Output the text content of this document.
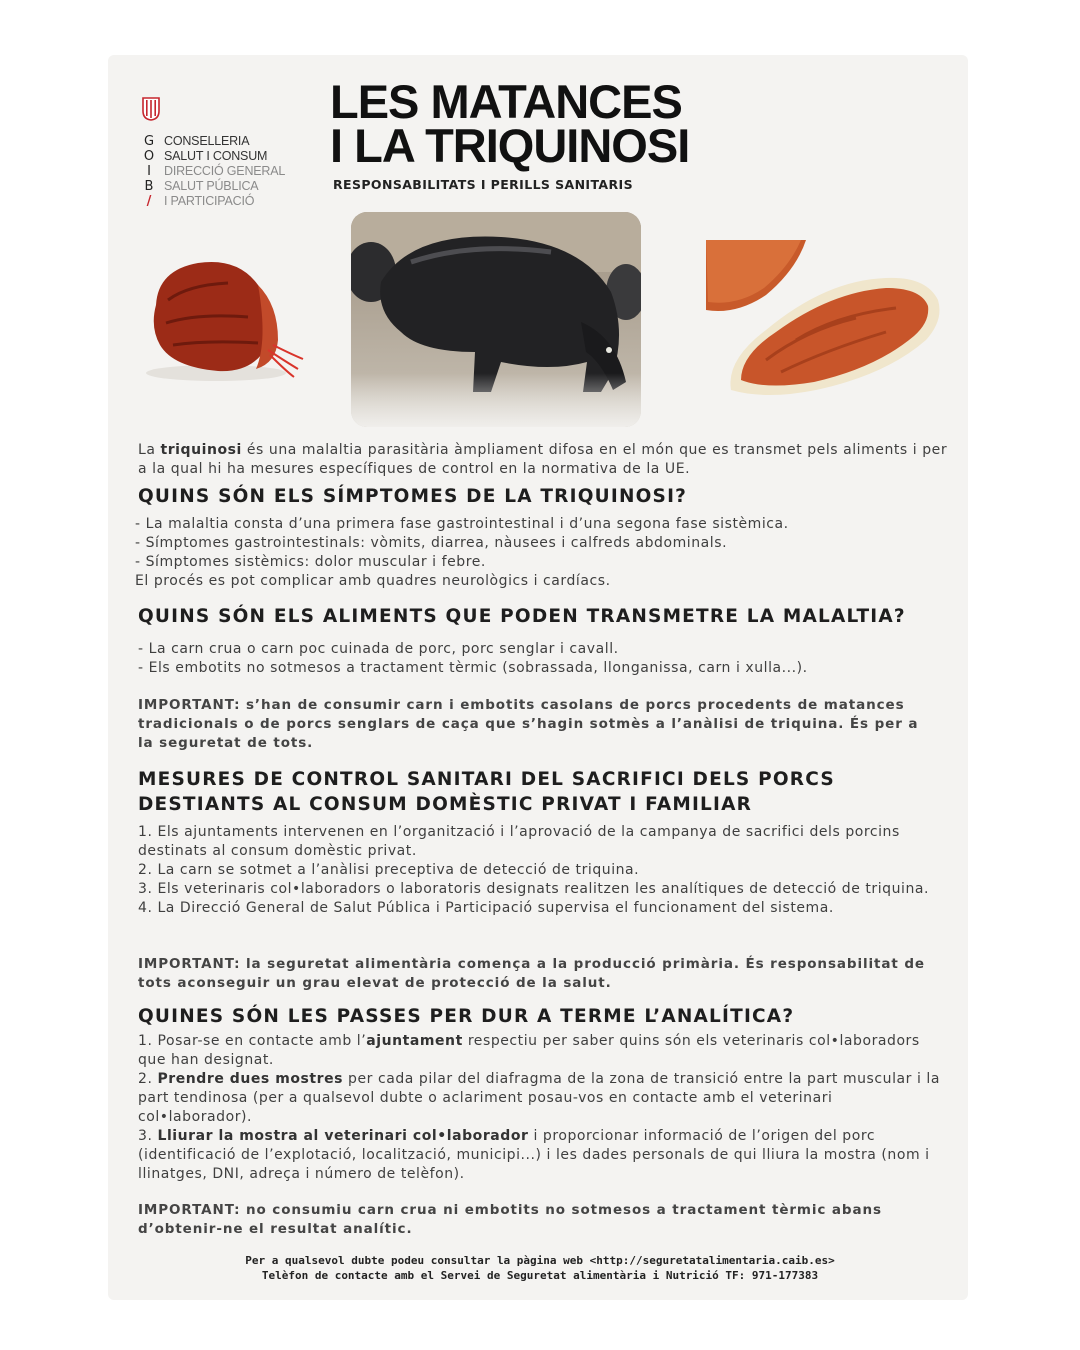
G
O
I
B
/
CONSELLERIA
SALUT I CONSUM
DIRECCIÓ GENERAL
SALUT PÚBLICA
I PARTICIPACIÓ
LES MATANCES
I LA TRIQUINOSI
RESPONSABILITATS I PERILLS SANITARIS

La triquinosi és una malaltia parasitària àmpliament difosa en el món que es transmet pels aliments i per a la qual hi ha mesures específiques de control en la normativa de la UE.

QUINS SÓN ELS SÍMPTOMES DE LA TRIQUINOSI?

- La malaltia consta d’una primera fase gastrointestinal i d’una segona fase sistèmica.

- Símptomes gastrointestinals: vòmits, diarrea, nàusees i calfreds abdominals.

- Símptomes sistèmics: dolor muscular i febre.

El procés es pot complicar amb quadres neurològics i cardíacs.

QUINS SÓN ELS ALIMENTS QUE PODEN TRANSMETRE LA MALALTIA?

- La carn crua o carn poc cuinada de porc, porc senglar i cavall.

- Els embotits no sotmesos a tractament tèrmic (sobrassada, llonganissa, carn i xulla...).

IMPORTANT: s’han de consumir carn i embotits casolans de porcs procedents de matances tradicionals o de porcs senglars de caça que s’hagin sotmès a l’anàlisi de triquina. És per a la seguretat de tots.
MESURES DE CONTROL SANITARI DEL SACRIFICI DELS PORCS
DESTIANTS AL CONSUM DOMÈSTIC PRIVAT I FAMILIAR

1. Els ajuntaments intervenen en l’organització i l’aprovació de la campanya de sacrifici dels porcins destinats al consum domèstic privat.

2. La carn se sotmet a l’anàlisi preceptiva de detecció de triquina.

3. Els veterinaris col•laboradors o laboratoris designats realitzen les analítiques de detecció de triquina.

4. La Direcció General de Salut Pública i Participació supervisa el funcionament del sistema.

IMPORTANT: la seguretat alimentària comença a la producció primària. És responsabilitat de tots aconseguir un grau elevat de protecció de la salut.
QUINES SÓN LES PASSES PER DUR A TERME L’ANALÍTICA?

1. Posar-se en contacte amb l’ajuntament respectiu per saber quins són els veterinaris col•laboradors que han designat.

2. Prendre dues mostres per cada pilar del diafragma de la zona de transició entre la part muscular i la part tendinosa (per a qualsevol dubte o aclariment posau-vos en contacte amb el veterinari col•laborador).

3. Lliurar la mostra al veterinari col•laborador i proporcionar informació de l’origen del porc (identificació de l’explotació, localització, municipi...) i les dades personals de qui lliura la mostra (nom i llinatges, DNI, adreça i número de telèfon).

IMPORTANT: no consumiu carn crua ni embotits no sotmesos a tractament tèrmic abans d’obtenir-ne el resultat analític.
Per a qualsevol dubte podeu consultar la pàgina web <http://seguretatalimentaria.caib.es>
Telèfon de contacte amb el Servei de Seguretat alimentària i Nutrició TF: 971-177383
